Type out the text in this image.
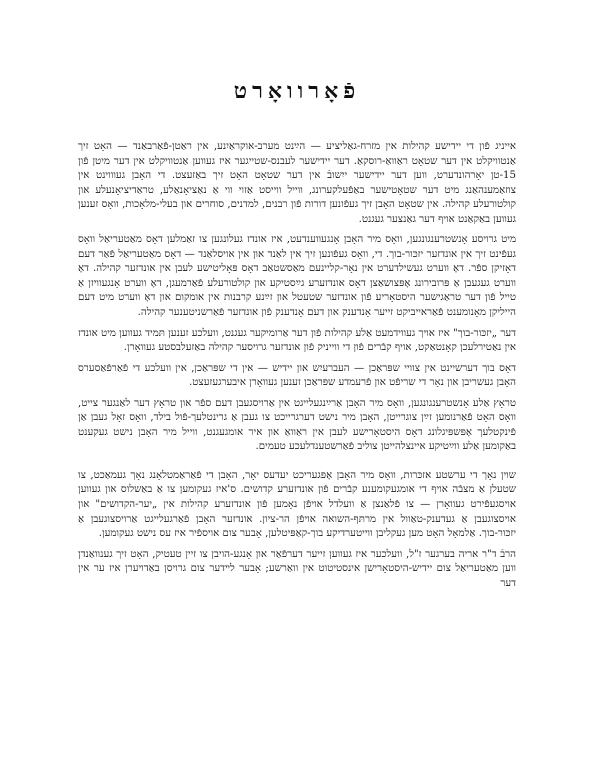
פֿאָרוואָרט

אייניג פֿון די יידישע קהילות אין מזרח-גאַליציע — הײַנט מערב-אוקראַיִנע, אין ראַטן-פֿאַרבאַנד — האָט זיך אַנטוויקלט אין דער שטאָט ראַוואַ-רוסקאַ. דער יידישער לעבנס-שטייגער איז געווען אַנטוויקלט אין דער מיטן פֿון 15-טן יאָרהונדערט, ווען דער יידישער ייִשובֿ אין דער שטאָט האָט זיך באַזעצט. די האָבן געוווינט אין צוזאַמענהאַנג מיט דער שטאָטישער באַפֿעלקערונג, ווייל ווייסט אַזוי ווי אַ נאַציאָנאַלע, טראַדיציאָנעלע און קולטורעלע קהילה. אין שטאָט האָבן זיך געפֿונען דורות פֿון רבנים, למדנים, סוחרים און בעלי-מלאָכות, וואָס זענען געווען באַקאַנט אויף דער גאַנצער געגנט.

מיט גרויסע אָנשטרענגונגען, וואָס מיר האָבן אָנגעווענדעט, איז אונדז געלונגען צו זאַמלען דאָס מאַטעריאַל וואָס געפֿינט זיך אין אונדזער יזכּור-בוך. די, וואָס געפֿונען זיך אין לאַנד און אין אויסלאַנד — דאָס מאַטעריאַל פֿאַר דעם דאָזיקן ספֿר. דאָ ווערט געשילדערט אין נאָר-קליינעם מאַסשטאַב דאָס פּאָליטישע לעבן אין אונדזער קהילה. דאָ ווערט געגעבן אַ פּרובירונג אָפּצושאַצן דאָס אונדזערע גײַסטיקע און קולטורעלע פֿאַרמעגן, דאָ ווערט אָנגעוויזן אַ טייל פֿון דער טראַגישער היסטאָריע פֿון אונדזער שטעטל און זײַנע קרבנות אין אומקום און דאָ ווערט מיט דעם הייליקן מאָנומענט פֿאַראייביקט זייער אָנדענק און דעם אָנדענק פֿון אונדזער פֿאַרשניטענער קהילה.

דער „יזכּור-בוך" איז אויך געווידמעט אַלע קהילות פֿון דער אַרומיקער געגנט, וועלכע זענען תּמיד געווען מיט אונדז אין נאַטירלעכן קאָנטאַקט, אויף קבֿרים פֿון די ווייניק פֿון אונדזער גרויסער קהילה באַזעלבסטע געוואָרן.

דאָס בוך דערשיינט אין צוויי שפּראַכן — העברעיִש און יידיש — אין די שפּראַכן, אין וועלכע די פֿאַרפֿאַסערס האָבן געשריבן און נאָר די שריפֿט און פֿרעמדע שפּראַכן זענען געוואָרן איבערגעזעצט.

טראָץ אַלע אָנשטרענגונגען, וואָס מיר האָבן אַרײַנגעלייגט אין אַרויסגעבן דעם ספֿר און טראָץ דער לאַנגער צייט, וואָס האָט פֿאַרנומען זײַן צוגרייטן, האָבן מיר נישט דערגרייכט צו געבן אַ גרינטלעך-פֿול בילד, וואָס זאָל געבן אַן פֿינקטלעך אָפּשפּיגלונג דאָס היסטאָרישע לעבן אין ראַוואַ און איר אומגעגנט, ווייל מיר האָבן נישט געקענט באַקומען אַלע ווײַטיקע איינצלהייטן צוליב פֿאַרשטענדלעכע טעמים.

שוין נאָך די ערשטע אזכּרות, וואָס מיר האָבן אָפּגעריכט יעדעס יאָר, האָבן די פֿאַראַמטלאָנג נאָך געמאַכט, צו שטעלן אַ מצבֿה אויף די אומגעקומענע קבֿרים פֿון אונדזערע קדושים. ס'איז געקומען צו אַ באַשלוס און געווען אויסגעפֿירט געוואָרן — צו פֿלאַנצן אַ וועלדל אויפֿן נאָמען פֿון אונדזערע קהילות אין „יער-הקדושים" און אויסצוגעבן אַ געדענק-טאַוול אין מרתּף-השואה אויפֿן הר-ציון. אונדזער האָבן פֿאַרגעלייגט אַרויסצוגעבן אַ יזכּור-בוך. אַלמאָל האָט מען געקליבן ווייטערדיקע בוך-קאַפּיטלען, אָבער צום אויספֿיר איז עס נישט געקומען.

הרבֿ ד"ר אריה בערגער ז"ל, וועלכער איז געווען זייער דערפֿאַר און אָנגע-הויבן צו זיין טעטיק, האָט זיך גענוואַנדן ווען מאַטעריאַל צום יידיש-היסטאָרישן אינסטיטוט אין וואַרשע; אָבער לײדער צום גרויסן באַדויערן איז ער אין דער
